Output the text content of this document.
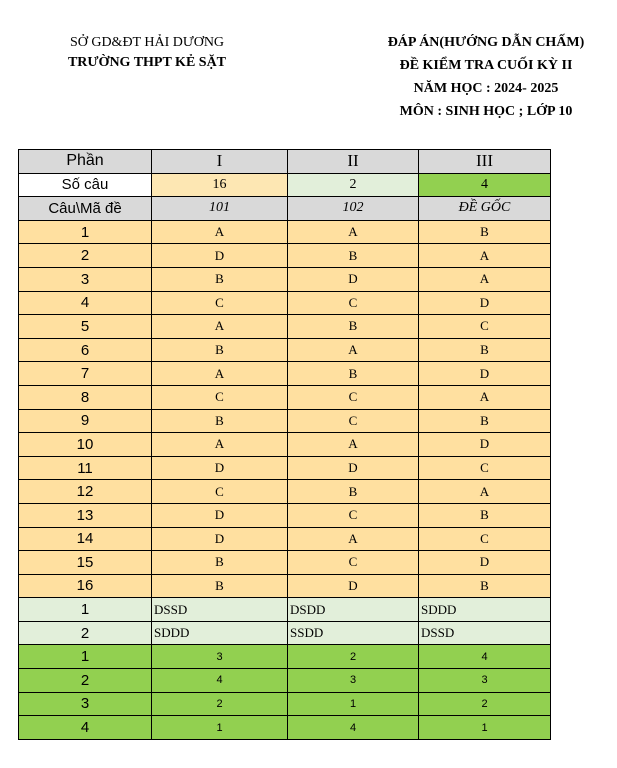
SỞ GD&ĐT HẢI DƯƠNG
TRƯỜNG THPT KẺ SẶT
ĐÁP ÁN(HƯỚNG DẪN CHẤM)
ĐỀ KIỂM TRA CUỐI KỲ II
NĂM HỌC : 2024- 2025
MÔN : SINH HỌC ; LỚP 10
Phần	I	II	III
Số câu	16	2	4
Câu\Mã đề	101	102	ĐỀ GỐC
1	A	A	B
2	D	B	A
3	B	D	A
4	C	C	D
5	A	B	C
6	B	A	B
7	A	B	D
8	C	C	A
9	B	C	B
10	A	A	D
11	D	D	C
12	C	B	A
13	D	C	B
14	D	A	C
15	B	C	D
16	B	D	B
1	DSSD	DSDD	SDDD
2	SDDD	SSDD	DSSD
1	3	2	4
2	4	3	3
3	2	1	2
4	1	4	1
